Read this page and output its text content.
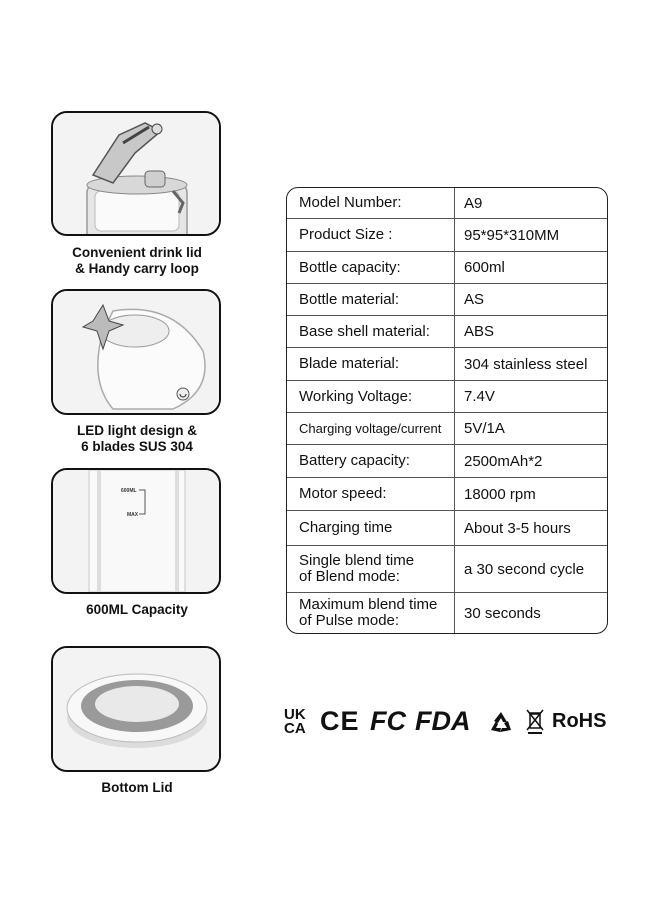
Convenient drink lid
& Handy carry loop
LED light design &
6 blades SUS 304
600ML
MAX
600ML Capacity
Bottom Lid
Model Number:	A9
Product Size :	95*95*310MM
Bottle capacity:	600ml
Bottle material:	AS
Base shell material:	ABS
Blade material:	304 stainless steel
Working Voltage:	7.4V
Charging voltage/current	5V/1A
Battery capacity:	2500mAh*2
Motor speed:	18000 rpm
Charging time	About 3-5 hours
Single blend time
of Blend mode:	a 30 second cycle
Maximum blend time
of Pulse mode:	30 seconds
UK
CA CE FC FDA	RoHS
